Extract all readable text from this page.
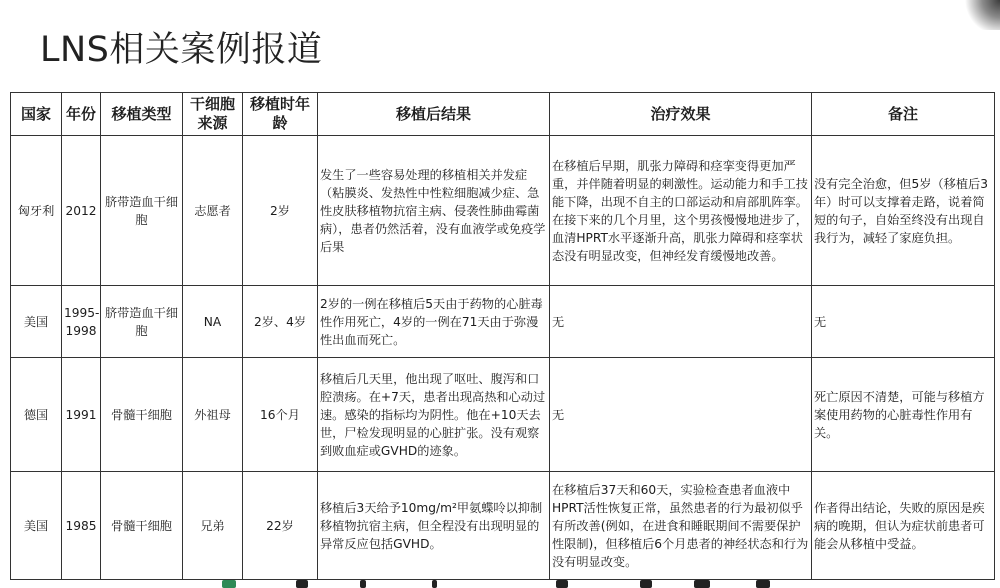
LNS相关案例报道
国家	年份	移植类型	干细胞来源	移植时年龄	移植后结果	治疗效果	备注
匈牙利	2012	脐带造血干细胞	志愿者	2岁	发生了一些容易处理的移植相关并发症（粘膜炎、发热性中性粒细胞减少症、急性皮肤移植物抗宿主病、侵袭性肺曲霉菌病），患者仍然活着，没有血液学或免疫学后果	在移植后早期，肌张力障碍和痉挛变得更加严重，并伴随着明显的刺激性。运动能力和手工技能下降，出现不自主的口部运动和肩部肌阵挛。在接下来的几个月里，这个男孩慢慢地进步了，血清HPRT水平逐渐升高，肌张力障碍和痉挛状态没有明显改变，但神经发育缓慢地改善。	没有完全治愈，但5岁（移植后3年）时可以支撑着走路，说着简短的句子，自始至终没有出现自我行为，减轻了家庭负担。
美国	1995-1998	脐带造血干细胞	NA	2岁、4岁	2岁的一例在移植后5天由于药物的心脏毒性作用死亡，4岁的一例在71天由于弥漫性出血而死亡。	无	无
德国	1991	骨髓干细胞	外祖母	16个月	移植后几天里，他出现了呕吐、腹泻和口腔溃疡。在+7天，患者出现高热和心动过速。感染的指标均为阴性。他在+10天去世，尸检发现明显的心脏扩张。没有观察到败血症或GVHD的迹象。	无	死亡原因不清楚，可能与移植方案使用药物的心脏毒性作用有关。
美国	1985	骨髓干细胞	兄弟	22岁	移植后3天给予10mg/m²甲氨蝶呤以抑制移植物抗宿主病，但全程没有出现明显的异常反应包括GVHD。	在移植后37天和60天，实验检查患者血液中HPRT活性恢复正常，虽然患者的行为最初似乎有所改善(例如，在进食和睡眠期间不需要保护性限制)，但移植后6个月患者的神经状态和行为没有明显改变。	作者得出结论，失败的原因是疾病的晚期，但认为症状前患者可能会从移植中受益。
